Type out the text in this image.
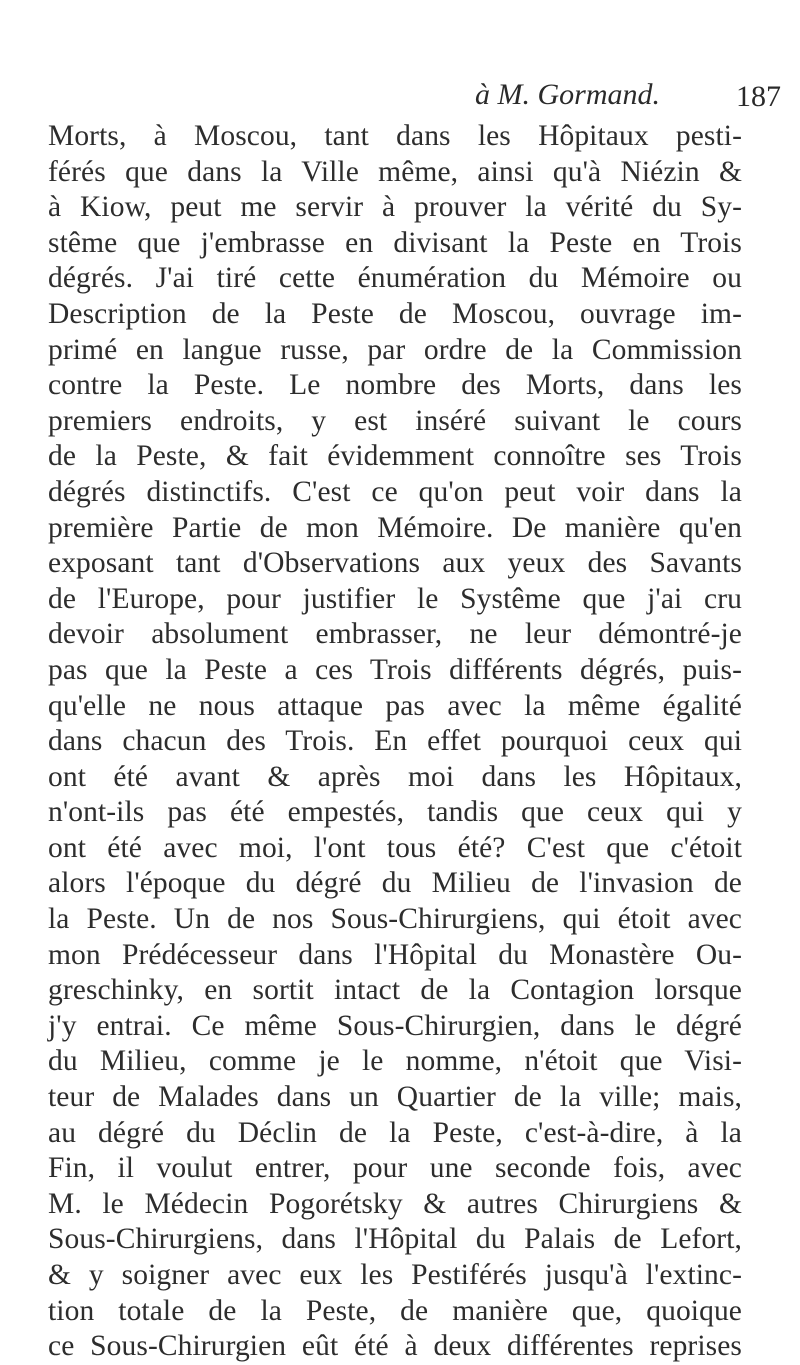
à M. Gormand.	187
Morts, à Moscou, tant dans les Hôpitaux pesti-
férés que dans la Ville même, ainsi qu'à Niézin &
à Kiow, peut me servir à prouver la vérité du Sy-
stême que j'embrasse en divisant la Peste en Trois
dégrés. J'ai tiré cette énumération du Mémoire ou
Description de la Peste de Moscou, ouvrage im-
primé en langue russe, par ordre de la Commission
contre la Peste. Le nombre des Morts, dans les
premiers endroits, y est inséré suivant le cours
de la Peste, & fait évidemment connoître ses Trois
dégrés distinctifs. C'est ce qu'on peut voir dans la
première Partie de mon Mémoire. De manière qu'en
exposant tant d'Observations aux yeux des Savants
de l'Europe, pour justifier le Systême que j'ai cru
devoir absolument embrasser, ne leur démontré-je
pas que la Peste a ces Trois différents dégrés, puis-
qu'elle ne nous attaque pas avec la même égalité
dans chacun des Trois. En effet pourquoi ceux qui
ont été avant & après moi dans les Hôpitaux,
n'ont-ils pas été empestés, tandis que ceux qui y
ont été avec moi, l'ont tous été? C'est que c'étoit
alors l'époque du dégré du Milieu de l'invasion de
la Peste. Un de nos Sous-Chirurgiens, qui étoit avec
mon Prédécesseur dans l'Hôpital du Monastère Ou-
greschinky, en sortit intact de la Contagion lorsque
j'y entrai. Ce même Sous-Chirurgien, dans le dégré
du Milieu, comme je le nomme, n'étoit que Visi-
teur de Malades dans un Quartier de la ville; mais,
au dégré du Déclin de la Peste, c'est-à-dire, à la
Fin, il voulut entrer, pour une seconde fois, avec
M. le Médecin Pogorétsky & autres Chirurgiens &
Sous-Chirurgiens, dans l'Hôpital du Palais de Lefort,
& y soigner avec eux les Pestiférés jusqu'à l'extinc-
tion totale de la Peste, de manière que, quoique
ce Sous-Chirurgien eût été à deux différentes reprises
